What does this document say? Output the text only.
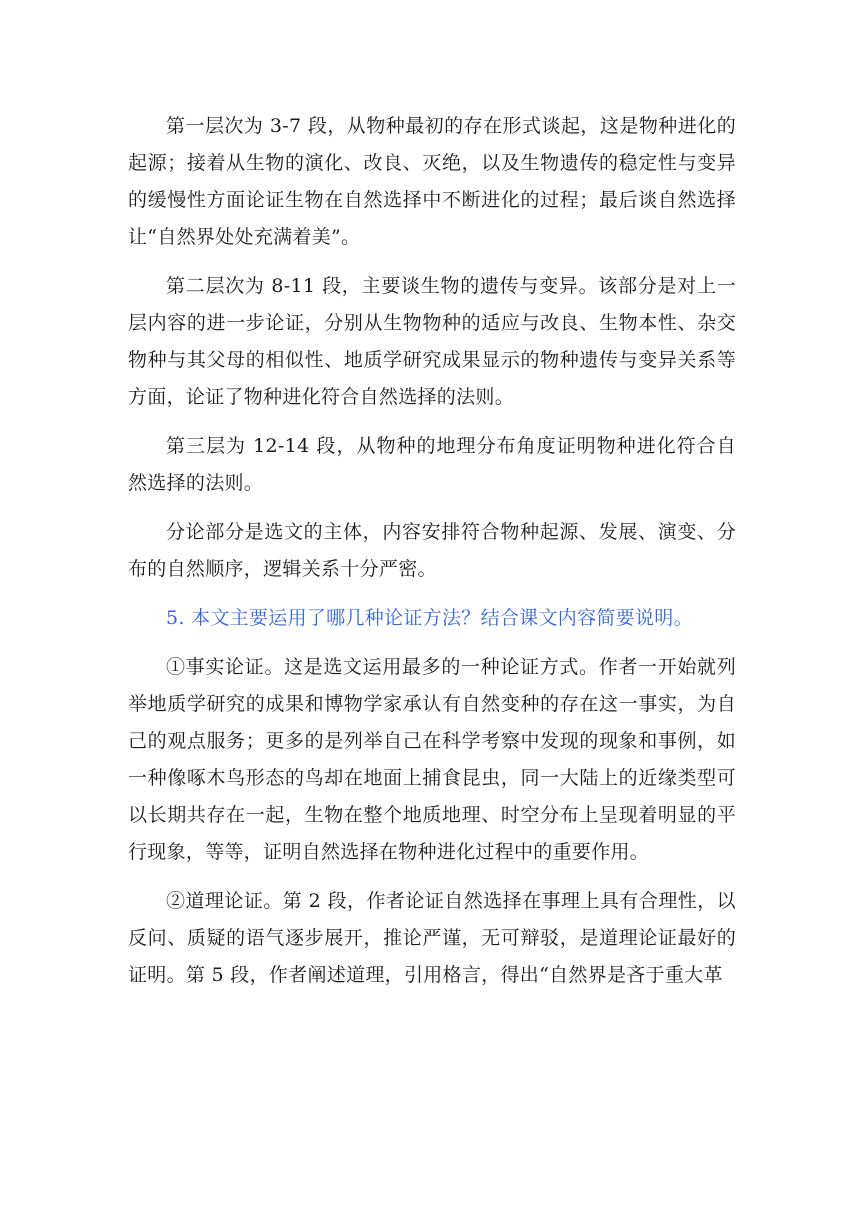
第一层次为 3-7 段，从物种最初的存在形式谈起，这是物种进化的起源；接着从生物的演化、改良、灭绝，以及生物遗传的稳定性与变异的缓慢性方面论证生物在自然选择中不断进化的过程；最后谈自然选择让“自然界处处充满着美”。

第二层次为 8-11 段，主要谈生物的遗传与变异。该部分是对上一层内容的进一步论证，分别从生物物种的适应与改良、生物本性、杂交物种与其父母的相似性、地质学研究成果显示的物种遗传与变异关系等方面，论证了物种进化符合自然选择的法则。

第三层为 12-14 段，从物种的地理分布角度证明物种进化符合自然选择的法则。

分论部分是选文的主体，内容安排符合物种起源、发展、演变、分布的自然顺序，逻辑关系十分严密。

5. 本文主要运用了哪几种论证方法？结合课文内容简要说明。

①事实论证。这是选文运用最多的一种论证方式。作者一开始就列举地质学研究的成果和博物学家承认有自然变种的存在这一事实，为自己的观点服务；更多的是列举自己在科学考察中发现的现象和事例，如一种像啄木鸟形态的鸟却在地面上捕食昆虫，同一大陆上的近缘类型可以长期共存在一起，生物在整个地质地理、时空分布上呈现着明显的平行现象，等等，证明自然选择在物种进化过程中的重要作用。

②道理论证。第 2 段，作者论证自然选择在事理上具有合理性，以反问、质疑的语气逐步展开，推论严谨，无可辩驳，是道理论证最好的证明。第 5 段，作者阐述道理，引用格言，得出“自然界是吝于重大革
